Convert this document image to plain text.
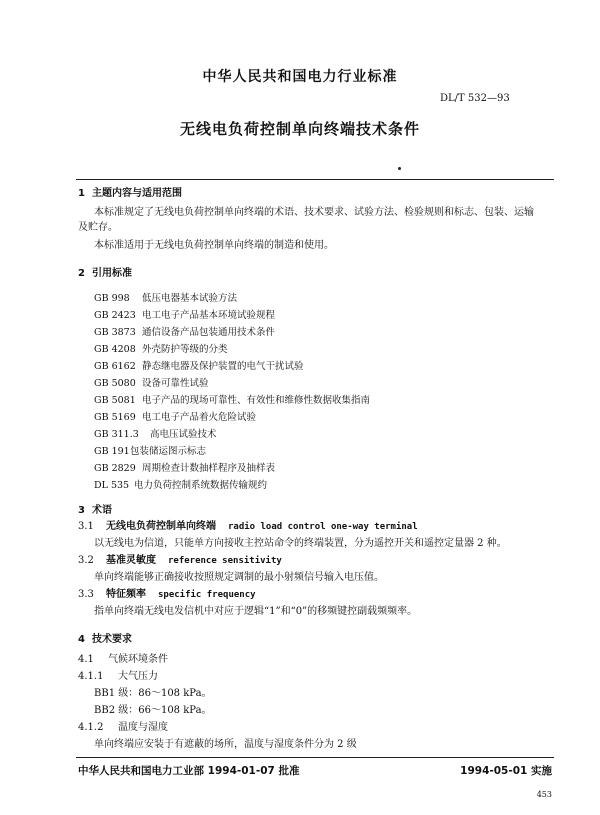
中华人民共和国电力行业标准
DL/T 532—93
无线电负荷控制单向终端技术条件
1 主题内容与适用范围
本标准规定了无线电负荷控制单向终端的术语、技术要求、试验方法、检验规则和标志、包装、运输
及贮存。
本标准适用于无线电负荷控制单向终端的制造和使用。
2 引用标准
GB 998 低压电器基本试验方法
GB 2423 电工电子产品基本环境试验规程
GB 3873 通信设备产品包装通用技术条件
GB 4208 外壳防护等级的分类
GB 6162 静态继电器及保护装置的电气干扰试验
GB 5080 设备可靠性试验
GB 5081 电子产品的现场可靠性、有效性和维修性数据收集指南
GB 5169 电工电子产品着火危险试验
GB 311.3 高电压试验技术
GB 191包装储运图示标志
GB 2829 周期检查计数抽样程序及抽样表
DL 535 电力负荷控制系统数据传输规约
3 术语
3.1 无线电负荷控制单向终端 radio load control one-way terminal
以无线电为信道，只能单方向接收主控站命令的终端装置，分为遥控开关和遥控定量器 2 种。
3.2 基准灵敏度 reference sensitivity
单向终端能够正确接收按照规定调制的最小射频信号输入电压值。
3.3 特征频率 specific frequency
指单向终端无线电发信机中对应于逻辑“1”和“0”的移频键控副载频频率。
4 技术要求
4.1 气候环境条件
4.1.1 大气压力
BB1 级：86～108 kPa。
BB2 级：66～108 kPa。
4.1.2 温度与湿度
单向终端应安装于有遮蔽的场所，温度与湿度条件分为 2 级
中华人民共和国电力工业部 1994-01-07 批准	1994-05-01 实施
453
